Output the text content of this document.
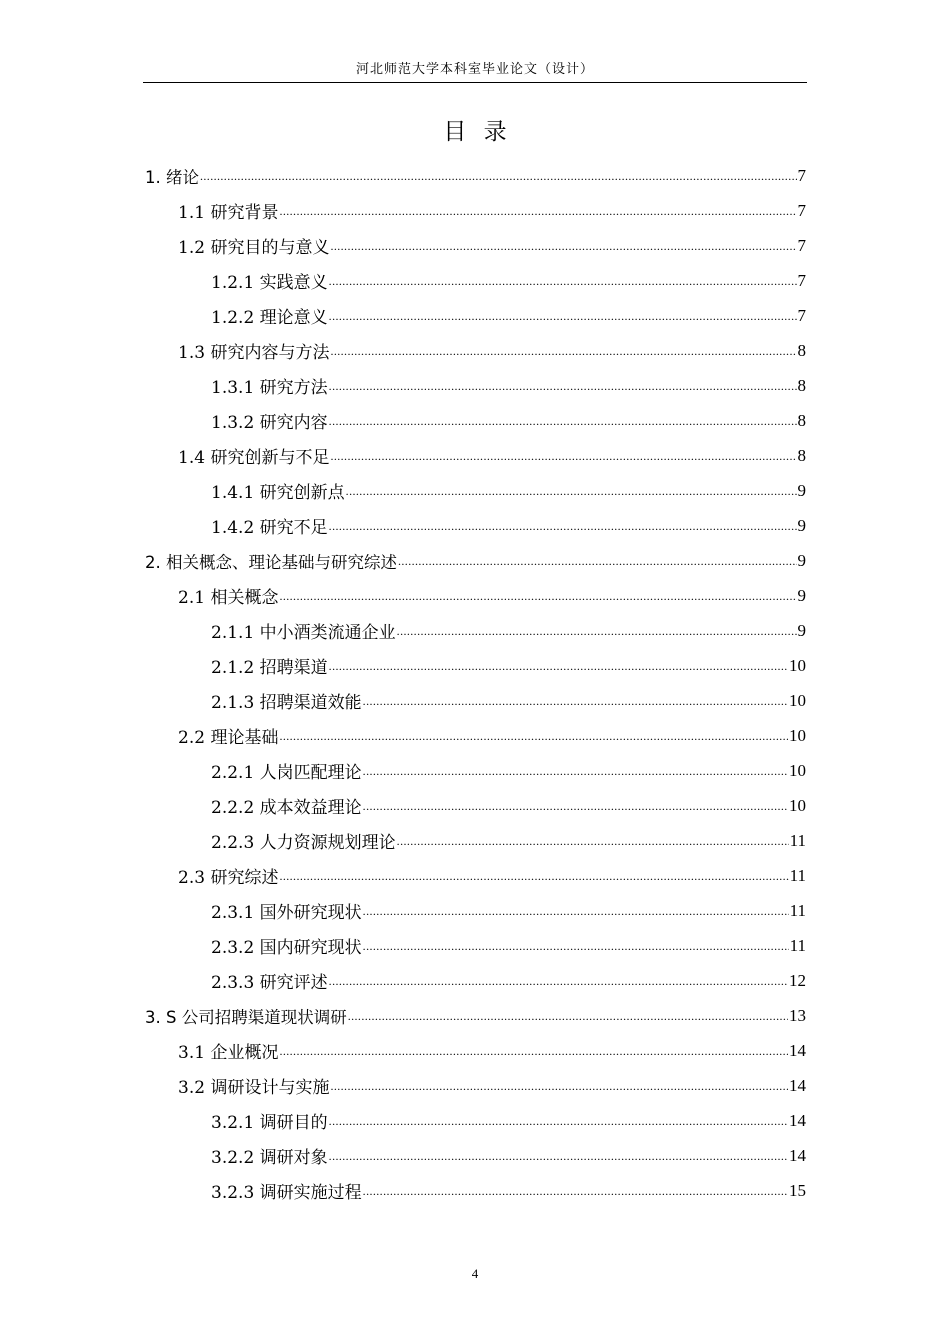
河北师范大学本科室毕业论文（设计）
目 录
1. 绪论 .....	7
1.1 研究背景 .....	7
1.2 研究目的与意义 .....	7
1.2.1 实践意义 .....	7
1.2.2 理论意义 .....	7
1.3 研究内容与方法 .....	8
1.3.1 研究方法 .....	8
1.3.2 研究内容 .....	8
1.4 研究创新与不足 .....	8
1.4.1 研究创新点 .....	9
1.4.2 研究不足 .....	9
2. 相关概念、理论基础与研究综述 .....	9
2.1 相关概念 .....	9
2.1.1 中小酒类流通企业 .....	9
2.1.2 招聘渠道 .....	10
2.1.3 招聘渠道效能 .....	10
2.2 理论基础 .....	10
2.2.1 人岗匹配理论 .....	10
2.2.2 成本效益理论 .....	10
2.2.3 人力资源规划理论 .....	11
2.3 研究综述 .....	11
2.3.1 国外研究现状 .....	11
2.3.2 国内研究现状 .....	11
2.3.3 研究评述 .....	12
3. S 公司招聘渠道现状调研 .....	13
3.1 企业概况 .....	14
3.2 调研设计与实施 .....	14
3.2.1 调研目的 .....	14
3.2.2 调研对象 .....	14
3.2.3 调研实施过程 .....	15
4
